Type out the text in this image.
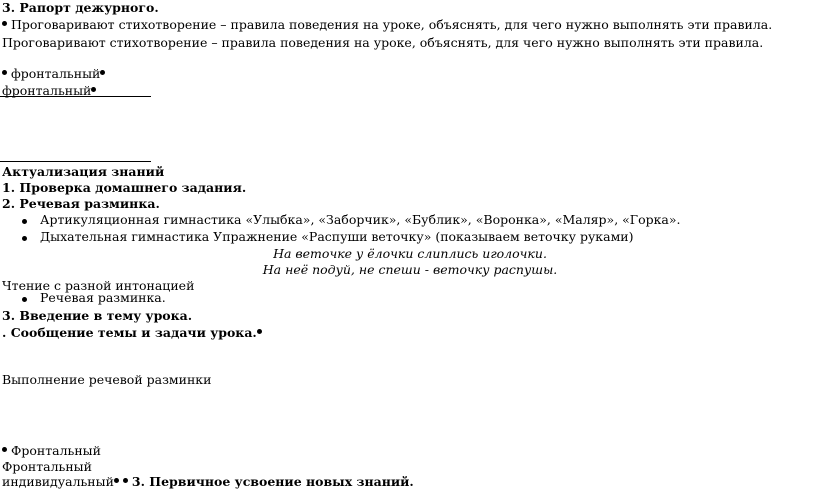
3. Рапорт дежурного.
Проговаривают стихотворение – правила поведения на уроке, объяснять, для чего нужно выполнять эти правила.
Проговаривают стихотворение – правила поведения на уроке, объяснять, для чего нужно выполнять эти правила.
фронтальный
фронтальный
Актуализация знаний
1. Проверка домашнего задания.
2. Речевая разминка.
Артикуляционная гимнастика «Улыбка», «Заборчик», «Бублик», «Воронка», «Маляр», «Горка».
Дыхательная гимнастика Упражнение «Распуши веточку» (показываем веточку руками)
На веточке у ёлочки слиплись иголочки.
На неё подуй, не спеши - веточку распушы.
Чтение с разной интонацией
Речевая разминка.
3. Введение в тему урока.
. Сообщение темы и задачи урока.
Выполнение речевой разминки
Фронтальный
Фронтальный
индивидуальный 3. Первичное усвоение новых знаний.
